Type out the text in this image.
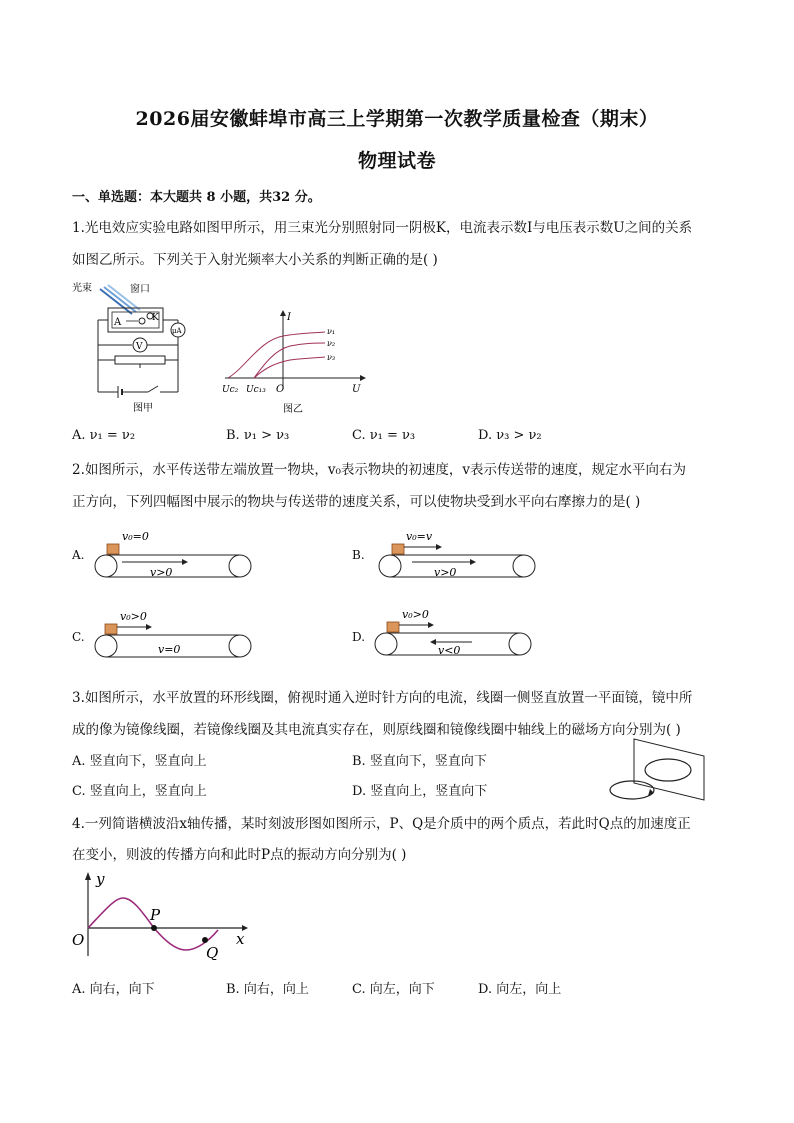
2026届安徽蚌埠市高三上学期第一次教学质量检查（期末）
物理试卷
一、单选题：本大题共 8 小题，共32 分。
1.光电效应实验电路如图甲所示，用三束光分别照射同一阴极K，电流表示数I与电压表示数U之间的关系
如图乙所示。下列关于入射光频率大小关系的判断正确的是( )
光束	窗口
A	K
μA
V
图甲
I
U
O
Uc₂ Uc₁₃
ν₁
ν₂
ν₃
图乙
A. ν₁ = ν₂	B. ν₁ > ν₃	C. ν₁ = ν₃	D. ν₃ > ν₂
2.如图所示，水平传送带左端放置一物块，v₀表示物块的初速度，v表示传送带的速度，规定水平向右为
正方向，下列四幅图中展示的物块与传送带的速度关系，可以使物块受到水平向右摩擦力的是( )
A.
v₀=0
v>0
B.
v₀=v
v>0
C.
v₀>0
v=0
D.
v₀>0
v<0
3.如图所示，水平放置的环形线圈，俯视时通入逆时针方向的电流，线圈一侧竖直放置一平面镜，镜中所
成的像为镜像线圈，若镜像线圈及其电流真实存在，则原线圈和镜像线圈中轴线上的磁场方向分别为( )
A. 竖直向下，竖直向上	B. 竖直向下，竖直向下
C. 竖直向上，竖直向上	D. 竖直向上，竖直向下
4.一列简谐横波沿x轴传播，某时刻波形图如图所示，P、Q是介质中的两个质点，若此时Q点的加速度正
在变小，则波的传播方向和此时P点的振动方向分别为( )
y
x
O
P
Q
A. 向右，向下	B. 向右，向上	C. 向左，向下	D. 向左，向上
